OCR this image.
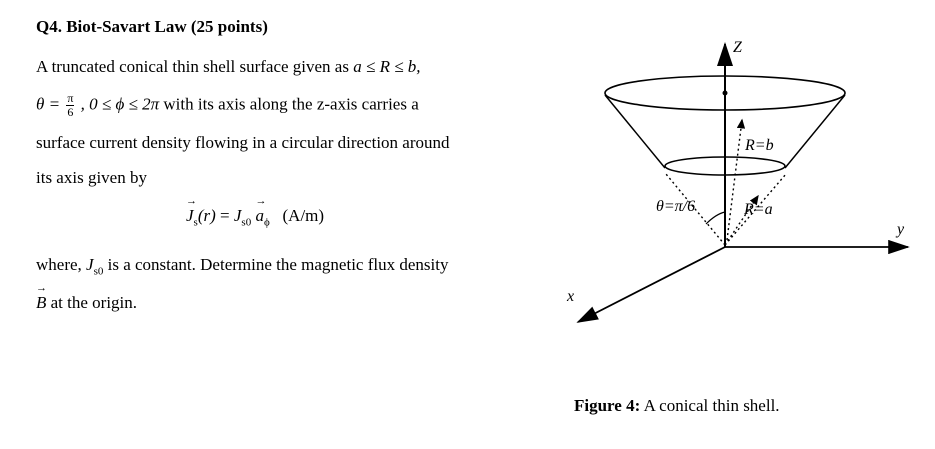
Q4. Biot-Savart Law (25 points)
A truncated conical thin shell surface given as a ≤ R ≤ b,
$\theta = \frac{\pi}{6}$ , 0 ≤ ϕ ≤ 2π with its axis along the z-axis carries a
surface current density flowing in a circular direction around
its axis given by
→ $J_s(r) = J_{s0} \to a_\phi$ (A/m)
where, $J_{s0}$ is a constant. Determine the magnetic flux density
→ B at the origin.
Z
y
x
R=b
R=a
θ=π/6
Figure 4: A conical thin shell.
